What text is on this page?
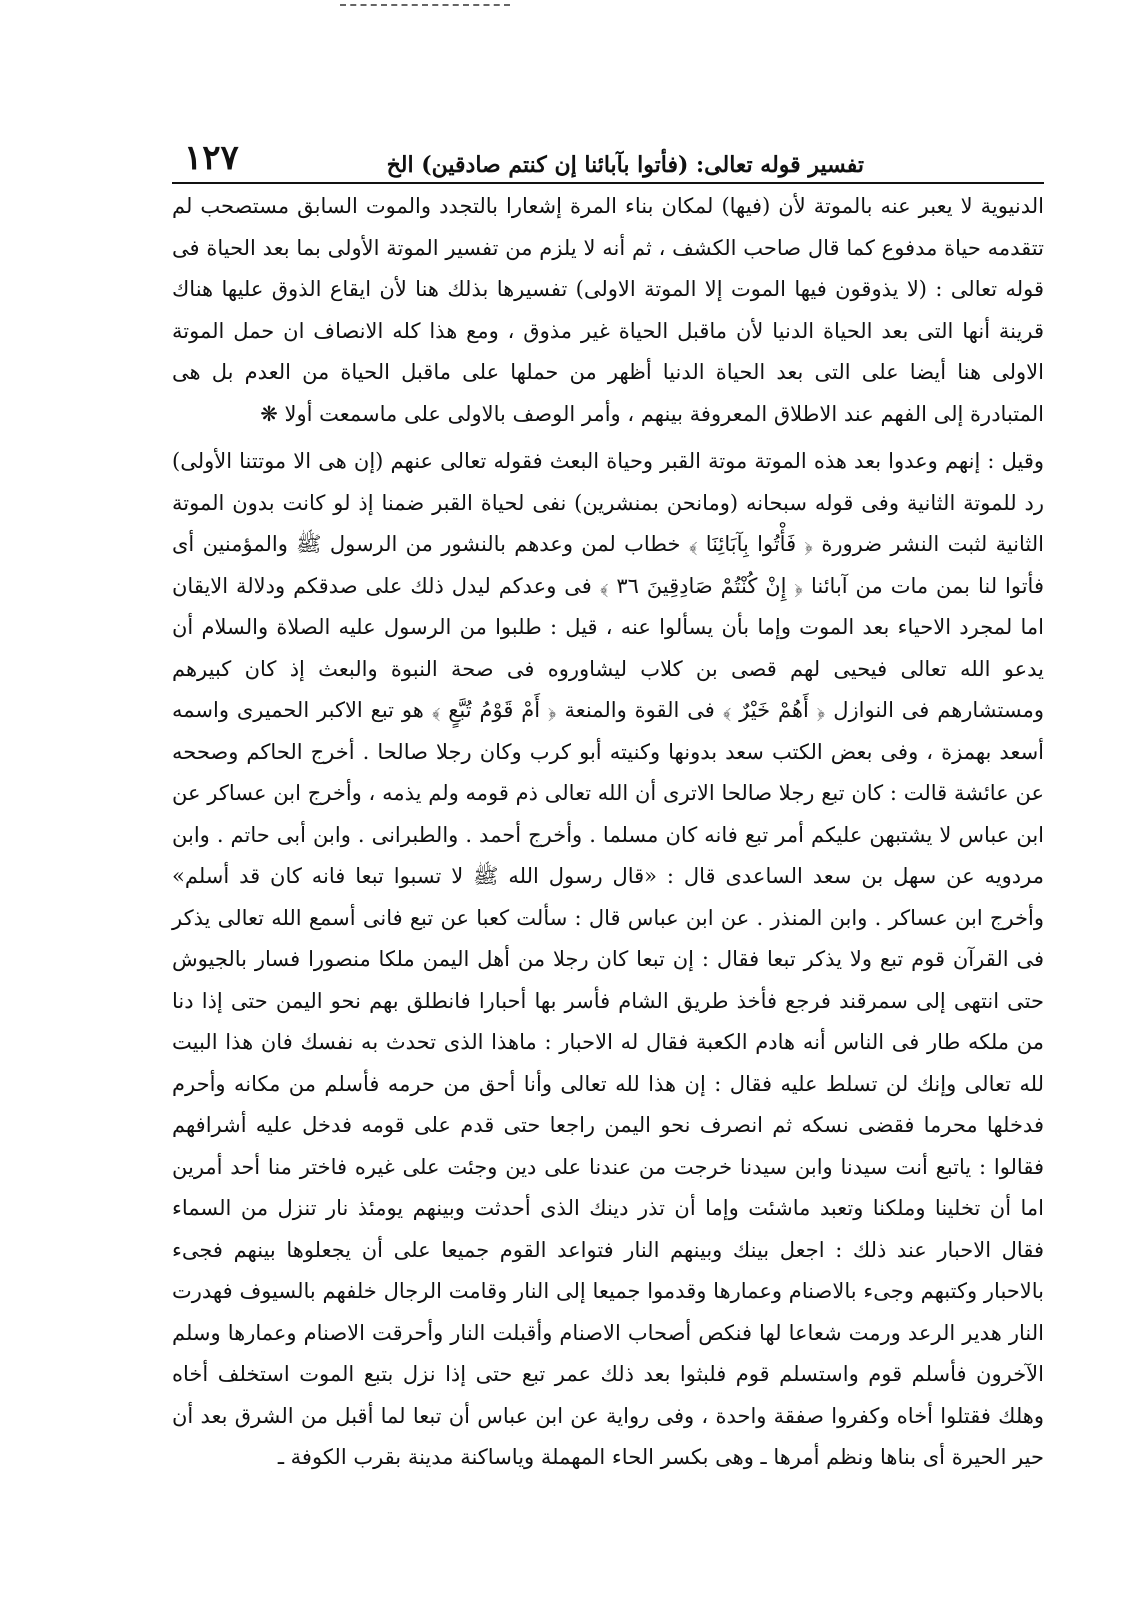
تفسير قوله تعالى: (فأتوا بآبائنا إن كنتم صادقين) الخ
١٢٧

الدنيوية لا يعبر عنه بالموتة لأن (فيها) لمكان بناء المرة إشعارا بالتجدد والموت السابق مستصحب لم تتقدمه حياة مدفوع كما قال صاحب الكشف ، ثم أنه لا يلزم من تفسير الموتة الأولى بما بعد الحياة فى قوله تعالى : (لا يذوقون فيها الموت إلا الموتة الاولى) تفسيرها بذلك هنا لأن ايقاع الذوق عليها هناك قرينة أنها التى بعد الحياة الدنيا لأن ماقبل الحياة غير مذوق ، ومع هذا كله الانصاف ان حمل الموتة الاولى هنا أيضا على التى بعد الحياة الدنيا أظهر من حملها على ماقبل الحياة من العدم بل هى المتبادرة إلى الفهم عند الاطلاق المعروفة بينهم ، وأمر الوصف بالاولى على ماسمعت أولا ❋

وقيل : إنهم وعدوا بعد هذه الموتة موتة القبر وحياة البعث فقوله تعالى عنهم (إن هى الا موتتنا الأولى) رد للموتة الثانية وفى قوله سبحانه (ومانحن بمنشرين) نفى لحياة القبر ضمنا إذ لو كانت بدون الموتة الثانية لثبت النشر ضرورة ﴿ فَأْتُوا بِآبَائِنَا ﴾ خطاب لمن وعدهم بالنشور من الرسول ﷺ والمؤمنين أى فأتوا لنا بمن مات من آبائنا ﴿ إِنْ كُنْتُمْ صَادِقِينَ ٣٦ ﴾ فى وعدكم ليدل ذلك على صدقكم ودلالة الايقان اما لمجرد الاحياء بعد الموت وإما بأن يسألوا عنه ، قيل : طلبوا من الرسول عليه الصلاة والسلام أن يدعو الله تعالى فيحيى لهم قصى بن كلاب ليشاوروه فى صحة النبوة والبعث إذ كان كبيرهم ومستشارهم فى النوازل ﴿ أَهُمْ خَيْرٌ ﴾ فى القوة والمنعة ﴿ أَمْ قَوْمُ تُبَّعٍ ﴾ هو تبع الاكبر الحميرى واسمه أسعد بهمزة ، وفى بعض الكتب سعد بدونها وكنيته أبو كرب وكان رجلا صالحا . أخرج الحاكم وصححه عن عائشة قالت : كان تبع رجلا صالحا الاترى أن الله تعالى ذم قومه ولم يذمه ، وأخرج ابن عساكر عن ابن عباس لا يشتبهن عليكم أمر تبع فانه كان مسلما . وأخرج أحمد . والطبرانى . وابن أبى حاتم . وابن مردويه عن سهل بن سعد الساعدى قال : «قال رسول الله ﷺ لا تسبوا تبعا فانه كان قد أسلم» وأخرج ابن عساكر . وابن المنذر . عن ابن عباس قال : سألت كعبا عن تبع فانى أسمع الله تعالى يذكر فى القرآن قوم تبع ولا يذكر تبعا فقال : إن تبعا كان رجلا من أهل اليمن ملكا منصورا فسار بالجيوش حتى انتهى إلى سمرقند فرجع فأخذ طريق الشام فأسر بها أحبارا فانطلق بهم نحو اليمن حتى إذا دنا من ملكه طار فى الناس أنه هادم الكعبة فقال له الاحبار : ماهذا الذى تحدث به نفسك فان هذا البيت لله تعالى وإنك لن تسلط عليه فقال : إن هذا لله تعالى وأنا أحق من حرمه فأسلم من مكانه وأحرم فدخلها محرما فقضى نسكه ثم انصرف نحو اليمن راجعا حتى قدم على قومه فدخل عليه أشرافهم فقالوا : ياتبع أنت سيدنا وابن سيدنا خرجت من عندنا على دين وجئت على غيره فاختر منا أحد أمرين اما أن تخلينا وملكنا وتعبد ماشئت وإما أن تذر دينك الذى أحدثت وبينهم يومئذ نار تنزل من السماء فقال الاحبار عند ذلك : اجعل بينك وبينهم النار فتواعد القوم جميعا على أن يجعلوها بينهم فجىء بالاحبار وكتبهم وجىء بالاصنام وعمارها وقدموا جميعا إلى النار وقامت الرجال خلفهم بالسيوف فهدرت النار هدير الرعد ورمت شعاعا لها فنكص أصحاب الاصنام وأقبلت النار وأحرقت الاصنام وعمارها وسلم الآخرون فأسلم قوم واستسلم قوم فلبثوا بعد ذلك عمر تبع حتى إذا نزل بتبع الموت استخلف أخاه وهلك فقتلوا أخاه وكفروا صفقة واحدة ، وفى رواية عن ابن عباس أن تبعا لما أقبل من الشرق بعد أن حير الحيرة أى بناها ونظم أمرها ـ وهى بكسر الحاء المهملة وياساكنة مدينة بقرب الكوفة ـ
